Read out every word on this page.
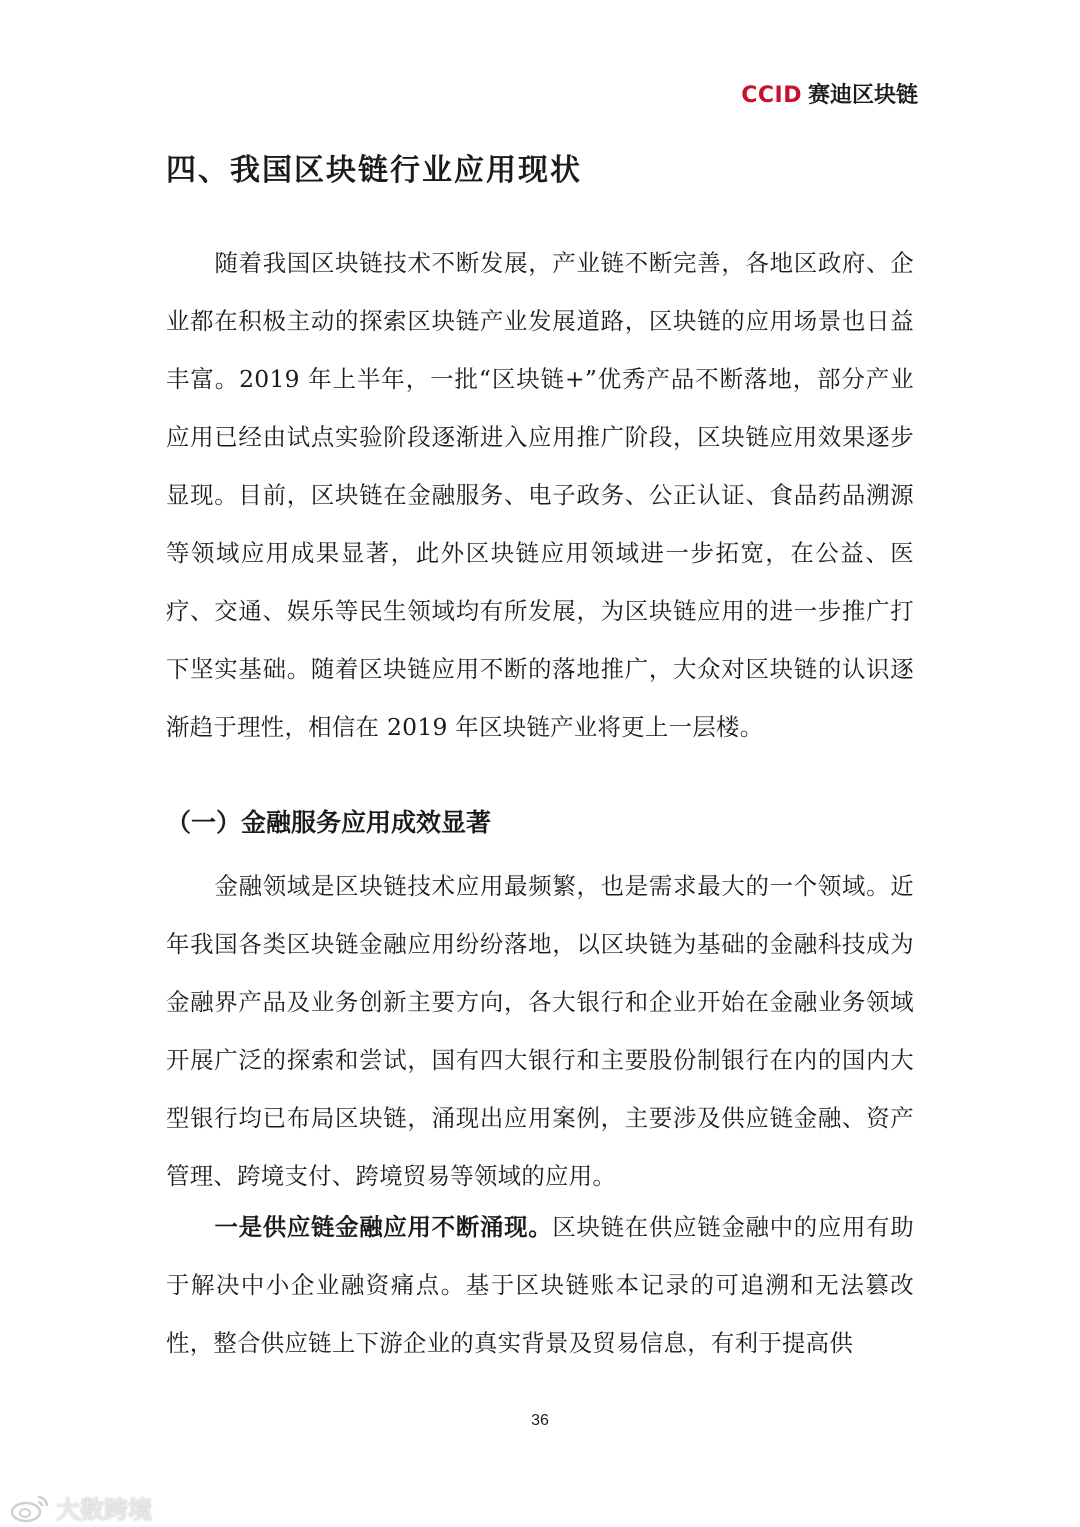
CCID 赛迪区块链
四、我国区块链行业应用现状

随着我国区块链技术不断发展，产业链不断完善，各地区政府、企业都在积极主动的探索区块链产业发展道路，区块链的应用场景也日益丰富。2019 年上半年，一批“区块链+”优秀产品不断落地，部分产业应用已经由试点实验阶段逐渐进入应用推广阶段，区块链应用效果逐步显现。目前，区块链在金融服务、电子政务、公正认证、食品药品溯源等领域应用成果显著，此外区块链应用领域进一步拓宽，在公益、医疗、交通、娱乐等民生领域均有所发展，为区块链应用的进一步推广打下坚实基础。随着区块链应用不断的落地推广，大众对区块链的认识逐渐趋于理性，相信在 2019 年区块链产业将更上一层楼。

（一）金融服务应用成效显著

金融领域是区块链技术应用最频繁，也是需求最大的一个领域。近年我国各类区块链金融应用纷纷落地，以区块链为基础的金融科技成为金融界产品及业务创新主要方向，各大银行和企业开始在金融业务领域开展广泛的探索和尝试，国有四大银行和主要股份制银行在内的国内大型银行均已布局区块链，涌现出应用案例，主要涉及供应链金融、资产管理、跨境支付、跨境贸易等领域的应用。

一是供应链金融应用不断涌现。区块链在供应链金融中的应用有助于解决中小企业融资痛点。基于区块链账本记录的可追溯和无法篡改性，整合供应链上下游企业的真实背景及贸易信息，有利于提高供

36
大数跨境
